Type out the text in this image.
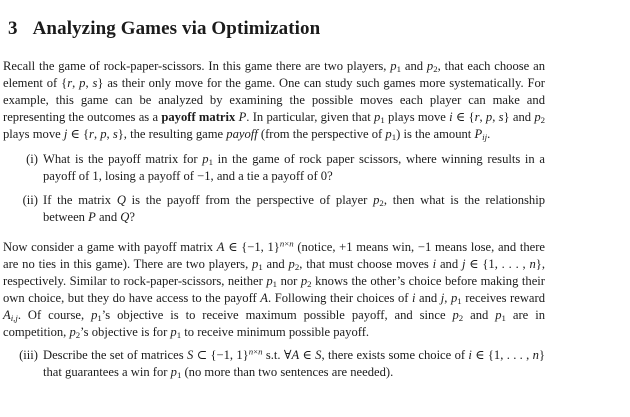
3 Analyzing Games via Optimization

Recall the game of rock-paper-scissors. In this game there are two players, $p_1$ and $p_2$, that each choose an element of {r, p, s} as their only move for the game. One can study such games more systematically. For example, this game can be analyzed by examining the possible moves each player can make and representing the outcomes as a payoff matrix P. In particular, given that $p_1$ plays move i ∈ {r, p, s} and $p_2$ plays move j ∈ {r, p, s}, the resulting game payoff (from the perspective of $p_1$) is the amount $P_{ij}$.

(i) What is the payoff matrix for $p_1$ in the game of rock paper scissors, where winning results in a payoff of 1, losing a payoff of −1, and a tie a payoff of 0?
(ii) If the matrix Q is the payoff from the perspective of player $p_2$, then what is the relationship between P and Q?

Now consider a game with payoff matrix A ∈ {−1, 1}$^{n\times n}$ (notice, +1 means win, −1 means lose, and there are no ties in this game). There are two players, $p_1$ and $p_2$, that must choose moves i and j ∈ {1, . . . , n}, respectively. Similar to rock-paper-scissors, neither $p_1$ nor $p_2$ knows the other’s choice before making their own choice, but they do have access to the payoff A. Following their choices of i and j, $p_1$ receives reward $A_{i,j}$. Of course, $p_1’s$ objective is to receive maximum possible payoff, and since $p_2$ and $p_1$ are in competition, $p_2’s$ objective is for $p_1$ to receive minimum possible payoff.

(iii) Describe the set of matrices S ⊂ {−1, 1}$^{n\times n}$ s.t. ∀A ∈ S, there exists some choice of i ∈ {1, . . . , n} that guarantees a win for $p_1$ (no more than two sentences are needed).
